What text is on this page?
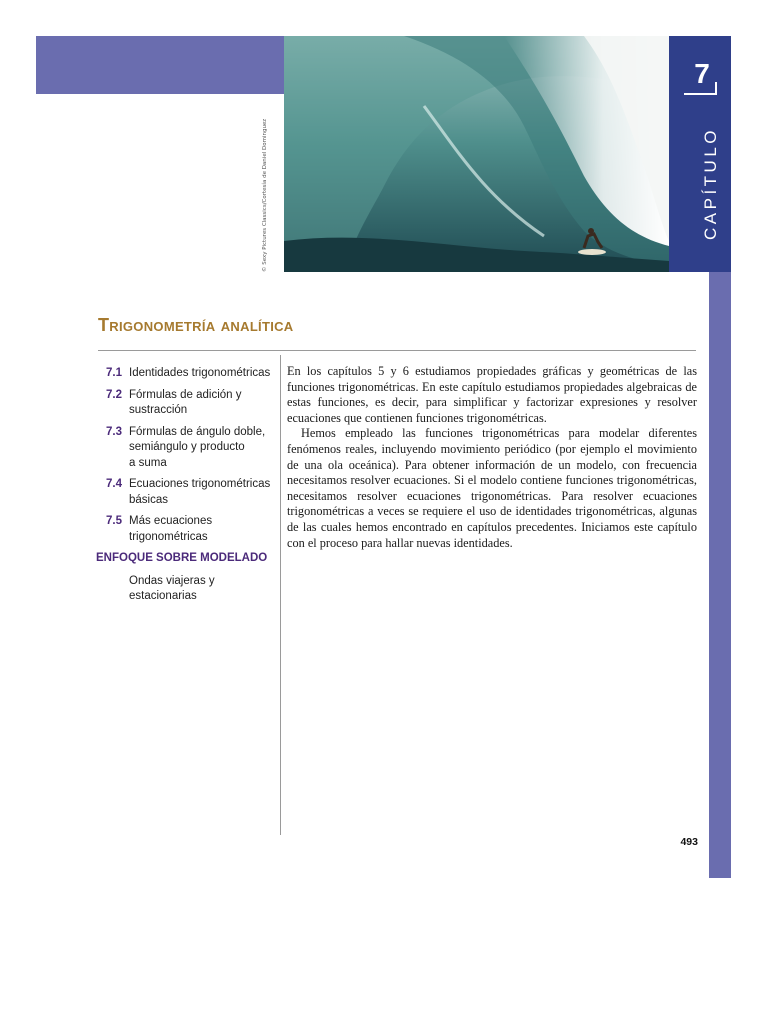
© Sexy Pictures Classics/Cortesía de Daniel Dominguez
7
CAPÍTULO
Trigonometría analítica
7.1 Identidades trigonométricas
7.2 Fórmulas de adición y
sustracción
7.3 Fórmulas de ángulo doble,
semiángulo y producto
a suma
7.4 Ecuaciones trigonométricas
básicas
7.5 Más ecuaciones
trigonométricas
ENFOQUE SOBRE MODELADO
Ondas viajeras y estacionarias

En los capítulos 5 y 6 estudiamos propiedades gráficas y geométricas de las funciones trigonométricas. En este capítulo estudiamos propiedades algebraicas de estas funciones, es decir, para simplificar y factorizar expresiones y resolver ecuaciones que contienen funciones trigonométricas.

Hemos empleado las funciones trigonométricas para modelar diferentes fenómenos reales, incluyendo movimiento periódico (por ejemplo el movimiento de una ola oceánica). Para obtener información de un modelo, con frecuencia necesitamos resolver ecuaciones. Si el modelo contiene funciones trigonométricas, necesitamos resolver ecuaciones trigonométricas. Para resolver ecuaciones trigonométricas a veces se requiere el uso de identidades trigonométricas, algunas de las cuales hemos encontrado en capítulos precedentes. Iniciamos este capítulo con el proceso para hallar nuevas identidades.

493
